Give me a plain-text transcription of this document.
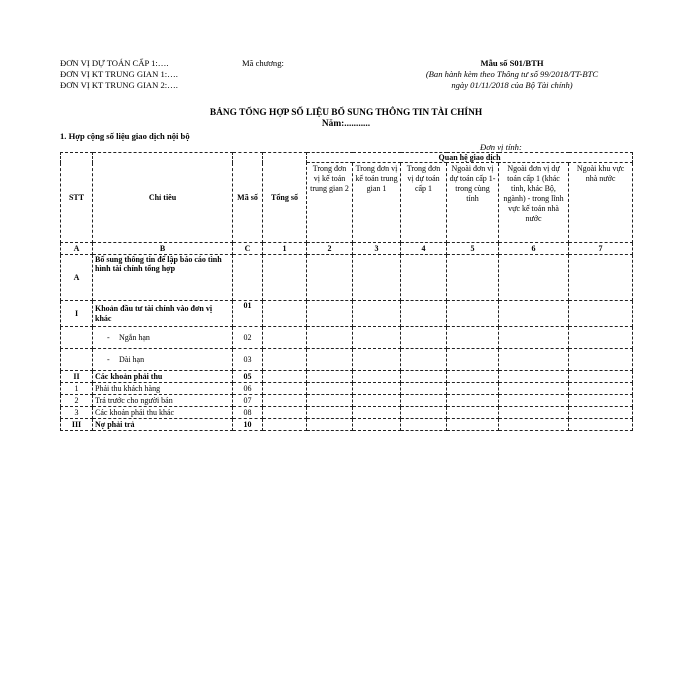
ĐƠN VỊ DỰ TOÁN CẤP 1:….
ĐƠN VỊ KT TRUNG GIAN 1:….
ĐƠN VỊ KT TRUNG GIAN 2:….
Mã chương:	Mẫu số S01/BTH
(Ban hành kèm theo Thông tư số 99/2018/TT-BTC
ngày 01/11/2018 của Bộ Tài chính)
BẢNG TỔNG HỢP SỐ LIỆU BỔ SUNG THÔNG TIN TÀI CHÍNH
Năm:...........
1. Hợp cộng số liệu giao dịch nội bộ
Đơn vị tính:
STT	Chỉ tiêu	Mã số	Tổng số	Quan hệ giao dịch					
				Trong đơn vị kế toán trung gian 2	Trong đơn vị kế toán trung gian 1	Trong đơn vị dự toán cấp 1	Ngoài đơn vị dự toán cấp 1- trong cùng tỉnh	Ngoài đơn vị dự toán cấp 1 (khác tỉnh, khác Bộ, ngành) - trong lĩnh vực kế toán nhà nước	Ngoài khu vực nhà nước
A	B	C	1	2	3	4	5	6	7
A	Bổ sung thông tin để lập báo cáo tình hình tài chính tổng hợp								
I	Khoản đầu tư tài chính vào đơn vị khác	01							
	- Ngắn hạn	02							
	- Dài hạn	03							
II	Các khoản phải thu	05							
1	Phải thu khách hàng	06							
2	Trả trước cho người bán	07							
3	Các khoản phải thu khác	08							
III	Nợ phải trả	10							
